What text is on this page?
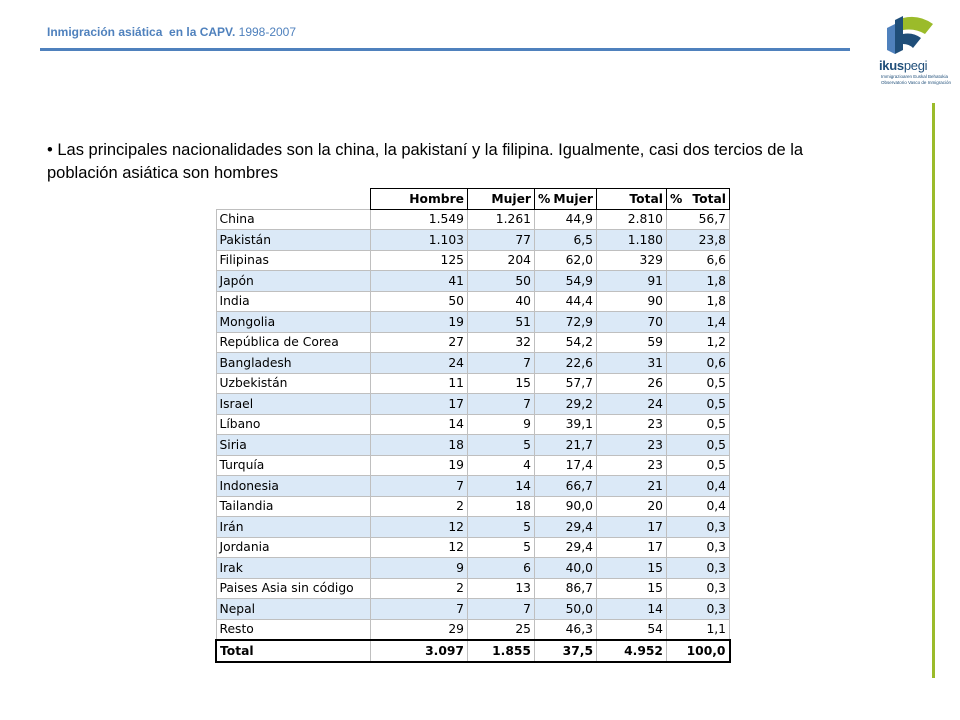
Inmigración asiática  en la CAPV. 1998-2007
ikuspegi
Immigrazioaren Euskal Behatokia
Observatorio Vasco de Inmigración
• Las principales nacionalidades son la china, la pakistaní y la filipina. Igualmente, casi dos tercios de la población asiática son hombres
	Hombre	Mujer	% Mujer	Total	% Total
China	1.549	1.261	44,9	2.810	56,7
Pakistán	1.103	77	6,5	1.180	23,8
Filipinas	125	204	62,0	329	6,6
Japón	41	50	54,9	91	1,8
India	50	40	44,4	90	1,8
Mongolia	19	51	72,9	70	1,4
República de Corea	27	32	54,2	59	1,2
Bangladesh	24	7	22,6	31	0,6
Uzbekistán	11	15	57,7	26	0,5
Israel	17	7	29,2	24	0,5
Líbano	14	9	39,1	23	0,5
Siria	18	5	21,7	23	0,5
Turquía	19	4	17,4	23	0,5
Indonesia	7	14	66,7	21	0,4
Tailandia	2	18	90,0	20	0,4
Irán	12	5	29,4	17	0,3
Jordania	12	5	29,4	17	0,3
Irak	9	6	40,0	15	0,3
Paises Asia sin código	2	13	86,7	15	0,3
Nepal	7	7	50,0	14	0,3
Resto	29	25	46,3	54	1,1
Total	3.097	1.855	37,5	4.952	100,0
